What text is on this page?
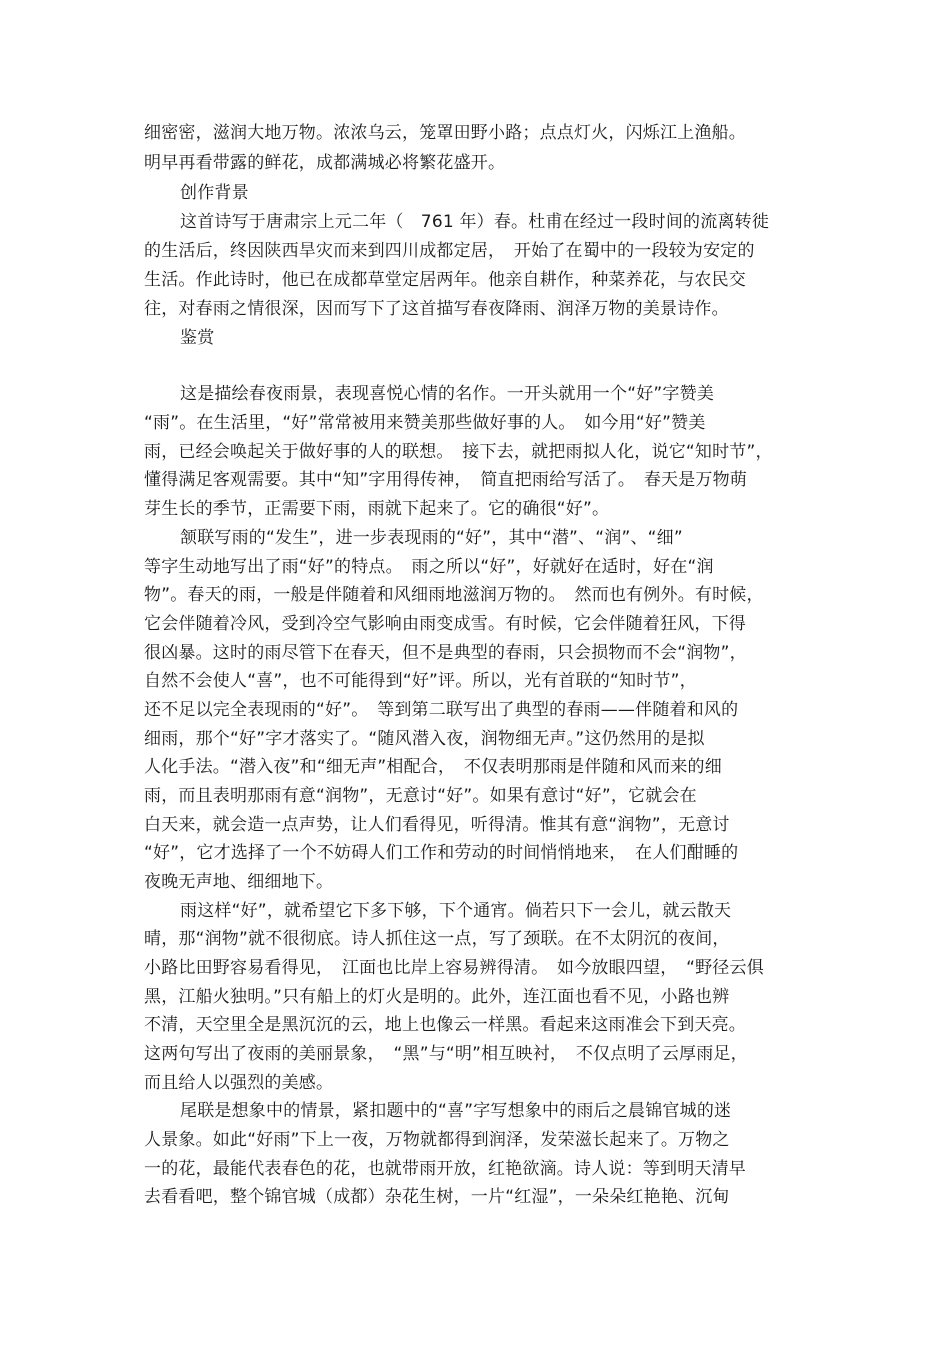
细密密，滋润大地万物。浓浓乌云，笼罩田野小路；点点灯火，闪烁江上渔船。
明早再看带露的鲜花，成都满城必将繁花盛开。
创作背景
这首诗写于唐肃宗上元二年（　761 年）春。杜甫在经过一段时间的流离转徙
的生活后，终因陕西旱灾而来到四川成都定居，　开始了在蜀中的一段较为安定的
生活。作此诗时，他已在成都草堂定居两年。他亲自耕作，种菜养花，与农民交
往，对春雨之情很深，因而写下了这首描写春夜降雨、润泽万物的美景诗作。
鉴赏
这是描绘春夜雨景，表现喜悦心情的名作。一开头就用一个“好”字赞美
“雨”。在生活里，“好”常常被用来赞美那些做好事的人。　如今用“好”赞美
雨，已经会唤起关于做好事的人的联想。　接下去，就把雨拟人化，说它“知时节”，
懂得满足客观需要。其中“知”字用得传神，　简直把雨给写活了。　春天是万物萌
芽生长的季节，正需要下雨，雨就下起来了。它的确很“好”。
颔联写雨的“发生”，进一步表现雨的“好”，其中“潜”、“润”、“细”
等字生动地写出了雨“好”的特点。　雨之所以“好”，好就好在适时，好在“润
物”。春天的雨，一般是伴随着和风细雨地滋润万物的。　然而也有例外。有时候，
它会伴随着冷风，受到冷空气影响由雨变成雪。有时候，它会伴随着狂风，下得
很凶暴。这时的雨尽管下在春天，但不是典型的春雨，只会损物而不会“润物”，
自然不会使人“喜”，也不可能得到“好”评。所以，光有首联的“知时节”，
还不足以完全表现雨的“好”。　等到第二联写出了典型的春雨——伴随着和风的
细雨，那个“好”字才落实了。“随风潜入夜，润物细无声。”这仍然用的是拟
人化手法。“潜入夜”和“细无声”相配合，　不仅表明那雨是伴随和风而来的细
雨，而且表明那雨有意“润物”，无意讨“好”。如果有意讨“好”，它就会在
白天来，就会造一点声势，让人们看得见，听得清。惟其有意“润物”，无意讨
“好”，它才选择了一个不妨碍人们工作和劳动的时间悄悄地来，　在人们酣睡的
夜晚无声地、细细地下。
雨这样“好”，就希望它下多下够，下个通宵。倘若只下一会儿，就云散天
晴，那“润物”就不很彻底。诗人抓住这一点，写了颈联。在不太阴沉的夜间，
小路比田野容易看得见，　江面也比岸上容易辨得清。　如今放眼四望，　“野径云俱
黑，江船火独明。”只有船上的灯火是明的。此外，连江面也看不见，小路也辨
不清，天空里全是黑沉沉的云，地上也像云一样黑。看起来这雨准会下到天亮。
这两句写出了夜雨的美丽景象，　“黑”与“明”相互映衬，　不仅点明了云厚雨足，
而且给人以强烈的美感。
尾联是想象中的情景，紧扣题中的“喜”字写想象中的雨后之晨锦官城的迷
人景象。如此“好雨”下上一夜，万物就都得到润泽，发荣滋长起来了。万物之
一的花，最能代表春色的花，也就带雨开放，红艳欲滴。诗人说：等到明天清早
去看看吧，整个锦官城（成都）杂花生树，一片“红湿”，一朵朵红艳艳、沉甸
